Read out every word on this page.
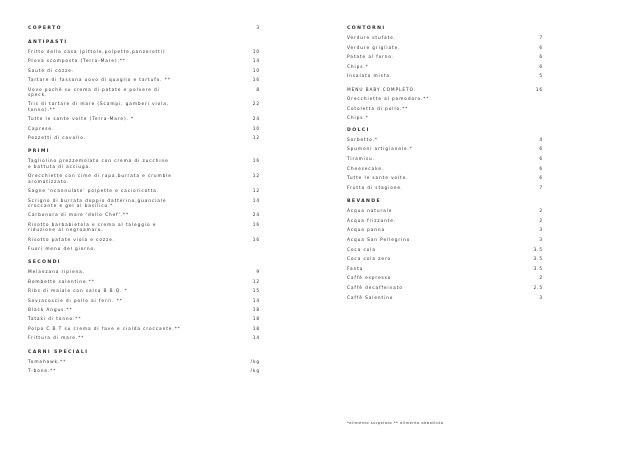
COPERTO	3
ANTIPASTI
Fritto della casa (pittole,polpette,panzerotti)	10
Prova scomposta (Terra-Mare).**	14
Sauté di cozze.	10
Tartare di fassona uovo di quaglia e tartufo. **	16
Uovo pochè su crema di patate e polvere di
speck.
8
Tris di tartare di mare (Scampi, gamberi viola,
tonno).**
22
Tutte le sante volte (Terra-Mare). *	24
Caprese.	10
Pezzetti di cavallo.	12
PRIMI
Tagliolino prezzemolato con crema di zucchine
e battuta di acciuga.
16
Orecchiette con cime di rapa,burrata e crumble
aromatizzato.
12
Sagne 'ncannulate' polpette e cacioricotta.	12
Scrigno di burrata doppio datterino,guanciale
croccante e gel al basilico.*
14
Carbonara di mare 'dello Chef'.**	24
Risotto barbabietola e crema al taleggio e
riduzione al negroamaro.
16
Risotto patate viola e cozze.	16
Fuori menu del giorno.
SECONDI
Melanzana ripiena.	9
Bombette salentine.**	12
Ribs di maiale con salsa B.B.Q. *	15
Sovracoscie di pollo ai ferri. **	14
Black Angus.**	18
Tataki di tonno.**	18
Polpo C.B.T su crema di fave e cialda croccante.**	18
Frittura di mare.**	14
CARNI SPECIALI
Tomahawk.**	/kg
T-bone.**	/kg
CONTORNI
Verdure stufate.	7
Verdure grigliate.	6
Patate al forno.	6
Chips.*	6
Insalata mista.	5
MENU BABY COMPLETO	16
Orecchiette al pomodoro.**
Cotoletta di pollo.**
Chips.*
DOLCI
Sorbetto.*	4
Spumoni artigianale.*	6
Tiramisu.	6
Cheesecake.	6
Tutte le sante volte.	6
Frutta di stagione.	7
BEVANDE
Acqua naturale	2
Acqua frizzante.	2
Acqua panna	3
Acqua San Pellegrino	3
Coca cola	3.5
Coca cola zero	3.5
Fanta	3.5
Caffè espresso	2
Caffè decaffeinato	2.5
Caffè Salentino	3
*alimento surgelato ** alimento abbattuto
